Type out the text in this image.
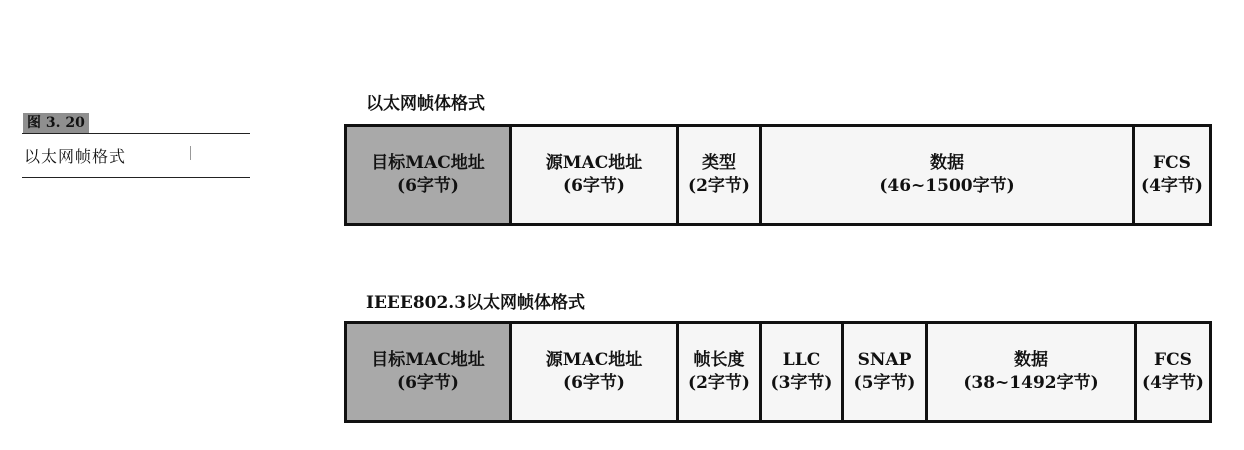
图 3. 20
以太网帧格式
以太网帧体格式
目标MAC地址
(6字节)
源MAC地址
(6字节)
类型
(2字节)
数据
(46~1500字节)
FCS
(4字节)
IEEE802.3以太网帧体格式
目标MAC地址
(6字节)
源MAC地址
(6字节)
帧长度
(2字节)
LLC
(3字节)
SNAP
(5字节)
数据
(38~1492字节)
FCS
(4字节)
